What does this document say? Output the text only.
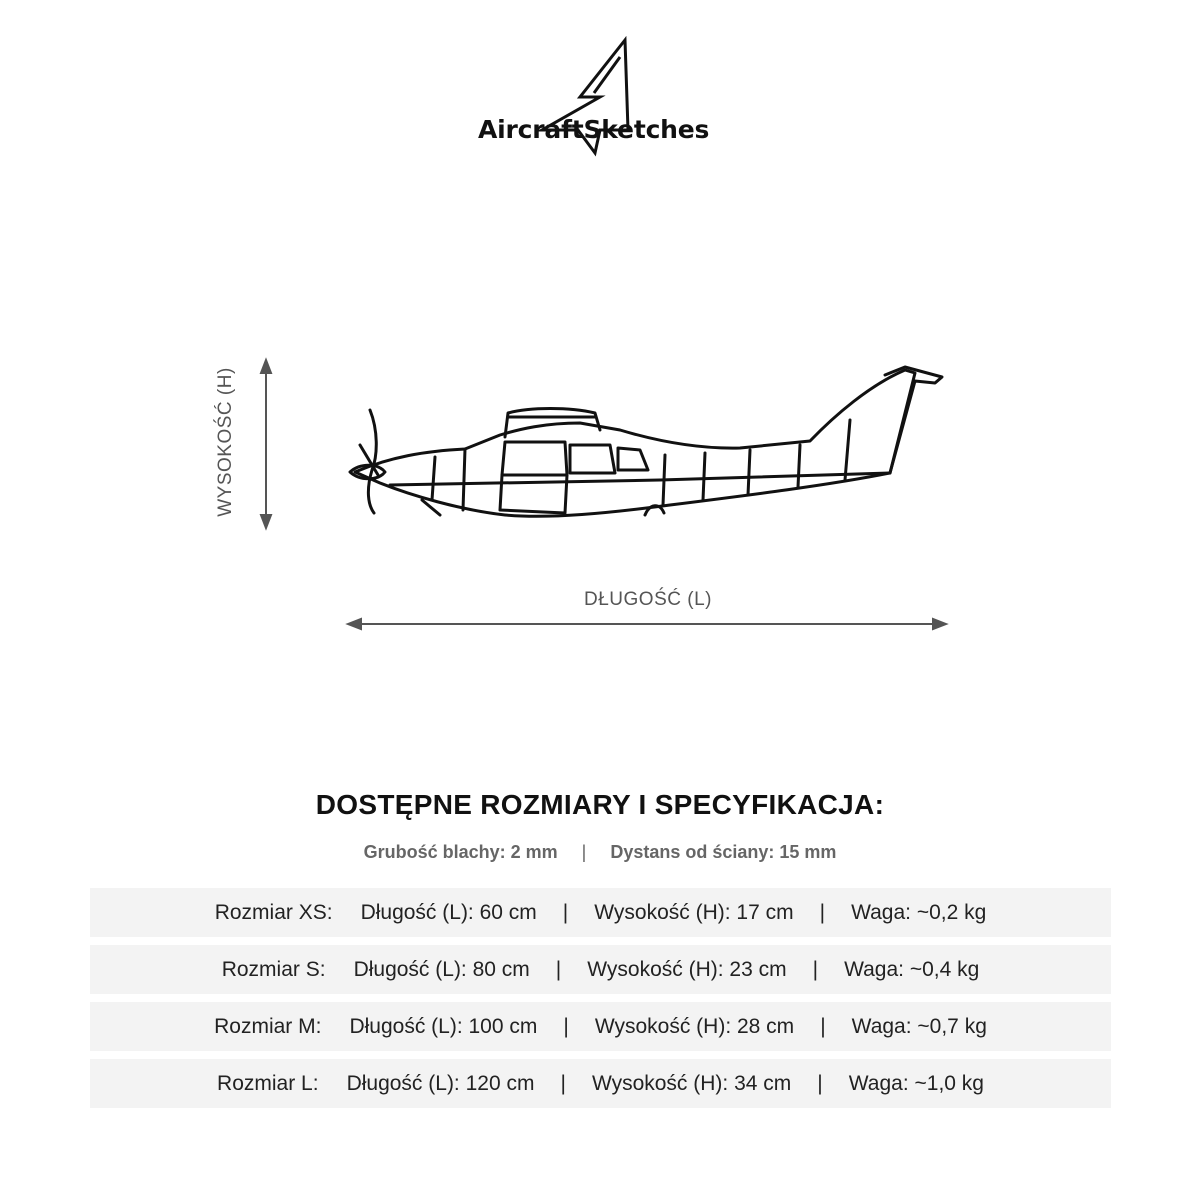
AircraftSketches
WYSOKOŚĆ (H)
DŁUGOŚĆ (L)
DOSTĘPNE ROZMIARY I SPECYFIKACJA:
Grubość blachy: 2 mm | Dystans od ściany: 15 mm
Rozmiar XS: Długość (L): 60 cm | Wysokość (H): 17 cm | Waga: ~0,2 kg
Rozmiar S: Długość (L): 80 cm | Wysokość (H): 23 cm | Waga: ~0,4 kg
Rozmiar M: Długość (L): 100 cm | Wysokość (H): 28 cm | Waga: ~0,7 kg
Rozmiar L: Długość (L): 120 cm | Wysokość (H): 34 cm | Waga: ~1,0 kg
